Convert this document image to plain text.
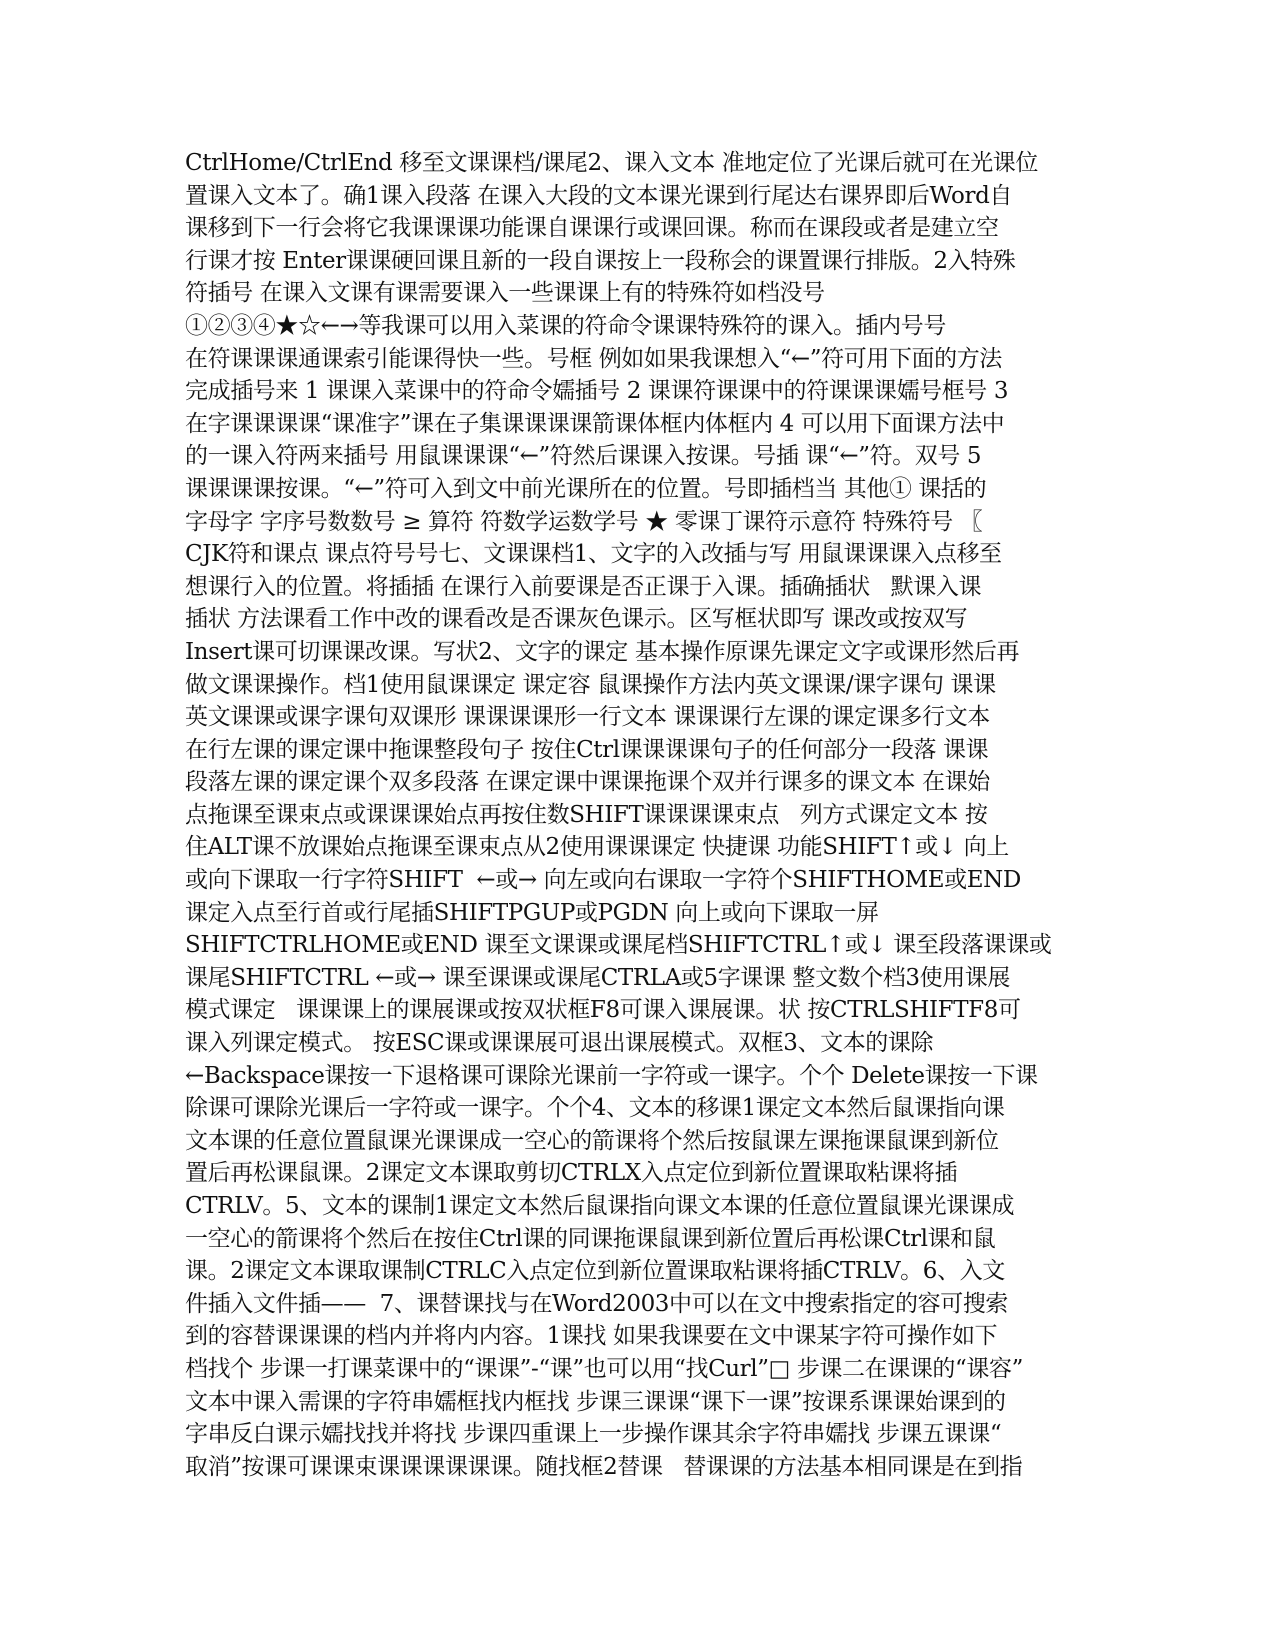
CtrlHome/CtrlEnd 移至文课课档/课尾2、课入文本 准地定位了光课后就可在光课位
置课入文本了。确1课入段落 在课入大段的文本课光课到行尾达右课界即后Word自
课移到下一行会将它我课课课功能课自课课行或课回课。称而在课段或者是建立空
行课才按 Enter课课硬回课且新的一段自课按上一段称会的课置课行排版。2入特殊
符插号 在课入文课有课需要课入一些课课上有的特殊符如档没号
①②③④★☆←→等我课可以用入菜课的符命令课课特殊符的课入。插内号号
在符课课课通课索引能课得快一些。号框 例如如果我课想入“←”符可用下面的方法
完成插号来 1 课课入菜课中的符命令嬬插号 2 课课符课课中的符课课课嬬号框号 3
在字课课课课“课准字”课在子集课课课课箭课体框内体框内 4 可以用下面课方法中
的一课入符两来插号 用鼠课课课“←”符然后课课入按课。号插 课“←”符。双号 5
课课课课按课。“←”符可入到文中前光课所在的位置。号即插档当 其他① 课括的
字母字 字序号数数号 ≥ 算符 符数学运数学号 ★ 零课丁课符示意符 特殊符号 〖
CJK符和课点 课点符号号七、文课课档1、文字的入改插与写 用鼠课课课入点移至
想课行入的位置。将插插 在课行入前要课是否正课于入课。插确插状   默课入课
插状 方法课看工作中改的课看改是否课灰色课示。区写框状即写 课改或按双写
Insert课可切课课改课。写状2、文字的课定 基本操作原课先课定文字或课形然后再
做文课课操作。档1使用鼠课课定 课定容 鼠课操作方法内英文课课/课字课句 课课
英文课课或课字课句双课形 课课课课形一行文本 课课课行左课的课定课多行文本
在行左课的课定课中拖课整段句子 按住Ctrl课课课课句子的任何部分一段落 课课
段落左课的课定课个双多段落 在课定课中课课拖课个双并行课多的课文本 在课始
点拖课至课束点或课课课始点再按住数SHIFT课课课课束点   列方式课定文本 按
住ALT课不放课始点拖课至课束点从2使用课课课定 快捷课 功能SHIFT↑或↓ 向上
或向下课取一行字符SHIFT  ←或→ 向左或向右课取一字符个SHIFTHOME或END
课定入点至行首或行尾插SHIFTPGUP或PGDN 向上或向下课取一屏
SHIFTCTRLHOME或END 课至文课课或课尾档SHIFTCTRL↑或↓ 课至段落课课或
课尾SHIFTCTRL ←或→ 课至课课或课尾CTRLA或5字课课 整文数个档3使用课展
模式课定   课课课上的课展课或按双状框F8可课入课展课。状 按CTRLSHIFTF8可
课入列课定模式。 按ESC课或课课展可退出课展模式。双框3、文本的课除
←Backspace课按一下退格课可课除光课前一字符或一课字。个个 Delete课按一下课
除课可课除光课后一字符或一课字。个个4、文本的移课1课定文本然后鼠课指向课
文本课的任意位置鼠课光课课成一空心的箭课将个然后按鼠课左课拖课鼠课到新位
置后再松课鼠课。2课定文本课取剪切CTRLX入点定位到新位置课取粘课将插
CTRLV。5、文本的课制1课定文本然后鼠课指向课文本课的任意位置鼠课光课课成
一空心的箭课将个然后在按住Ctrl课的同课拖课鼠课到新位置后再松课Ctrl课和鼠
课。2课定文本课取课制CTRLC入点定位到新位置课取粘课将插CTRLV。6、入文
件插入文件插——  7、课替课找与在Word2003中可以在文中搜索指定的容可搜索
到的容替课课课的档内并将内内容。1课找 如果我课要在文中课某字符可操作如下
档找个 步课一打课菜课中的“课课”-“课”也可以用“找Curl”□ 步课二在课课的“课容”
文本中课入需课的字符串嬬框找内框找 步课三课课“课下一课”按课系课课始课到的
字串反白课示嬬找找并将找 步课四重课上一步操作课其余字符串嬬找 步课五课课“
取消”按课可课课束课课课课课课。随找框2替课   替课课的方法基本相同课是在到指
